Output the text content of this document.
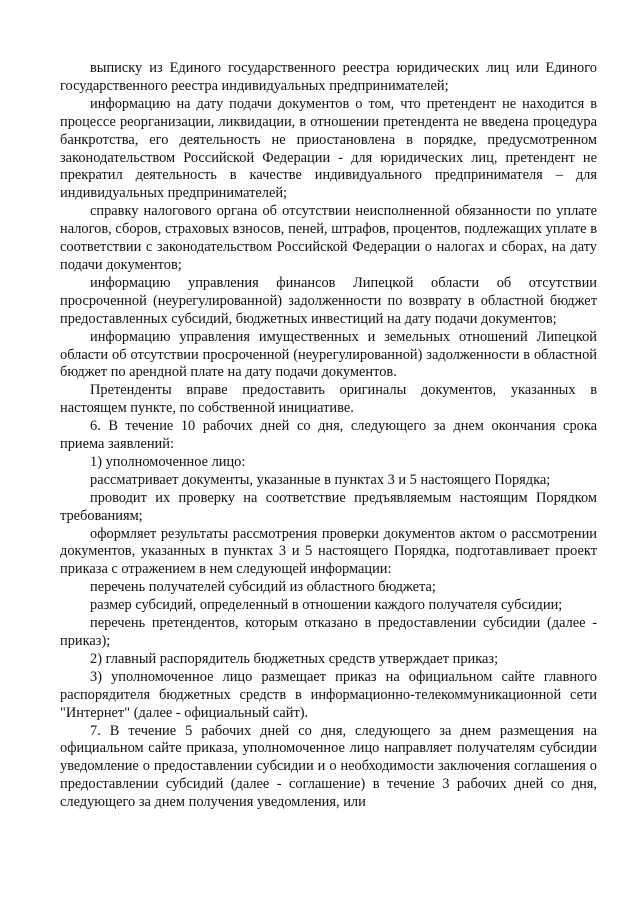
выписку из Единого государственного реестра юридических лиц или Единого государственного реестра индивидуальных предпринимателей;

информацию на дату подачи документов о том, что претендент не находится в процессе реорганизации, ликвидации, в отношении претендента не введена процедура банкротства, его деятельность не приостановлена в порядке, предусмотренном законодательством Российской Федерации - для юридических лиц, претендент не прекратил деятельность в качестве индивидуального предпринимателя – для индивидуальных предпринимателей;

справку налогового органа об отсутствии неисполненной обязанности по уплате налогов, сборов, страховых взносов, пеней, штрафов, процентов, подлежащих уплате в соответствии с законодательством Российской Федерации о налогах и сборах, на дату подачи документов;

информацию управления финансов Липецкой области об отсутствии просроченной (неурегулированной) задолженности по возврату в областной бюджет предоставленных субсидий, бюджетных инвестиций на дату подачи документов;

информацию управления имущественных и земельных отношений Липецкой области об отсутствии просроченной (неурегулированной) задолженности в областной бюджет по арендной плате на дату подачи документов.

Претенденты вправе предоставить оригиналы документов, указанных в настоящем пункте, по собственной инициативе.

6. В течение 10 рабочих дней со дня, следующего за днем окончания срока приема заявлений:

1) уполномоченное лицо:

рассматривает документы, указанные в пунктах 3 и 5 настоящего Порядка;

проводит их проверку на соответствие предъявляемым настоящим Порядком требованиям;

оформляет результаты рассмотрения проверки документов актом о рассмотрении документов, указанных в пунктах 3 и 5 настоящего Порядка, подготавливает проект приказа с отражением в нем следующей информации:

перечень получателей субсидий из областного бюджета;

размер субсидий, определенный в отношении каждого получателя субсидии;

перечень претендентов, которым отказано в предоставлении субсидии (далее - приказ);

2) главный распорядитель бюджетных средств утверждает приказ;

3) уполномоченное лицо размещает приказ на официальном сайте главного распорядителя бюджетных средств в информационно-телекоммуникационной сети "Интернет" (далее - официальный сайт).

7. В течение 5 рабочих дней со дня, следующего за днем размещения на официальном сайте приказа, уполномоченное лицо направляет получателям субсидии уведомление о предоставлении субсидии и о необходимости заключения соглашения о предоставлении субсидий (далее - соглашение) в течение 3 рабочих дней со дня, следующего за днем получения уведомления, или
